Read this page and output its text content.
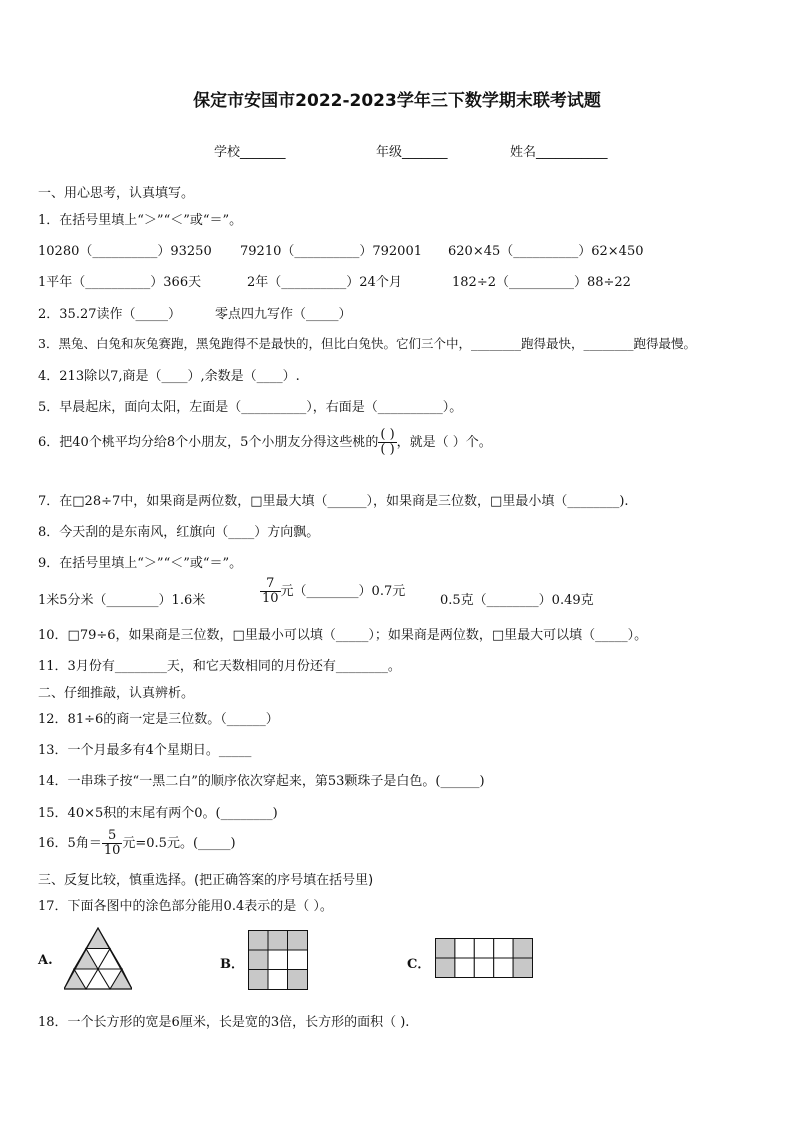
保定市安国市2022-2023学年三下数学期末联考试题
学校_______	年级_______	姓名___________
一、用心思考，认真填写。
1．在括号里填上“＞”“＜”或“＝”。
10280（__________）93250 79210（__________）792001 620×45（__________）62×450
1平年（__________）366天	2年（__________）24个月	182÷2（__________）88÷22
2．35.27读作（_____）	零点四九写作（_____）
3．黑兔、白兔和灰兔赛跑，黑兔跑得不是最快的，但比白兔快。它们三个中，________跑得最快，________跑得最慢。
4．213除以7,商是（____）,余数是（____）.
5．早晨起床，面向太阳，左面是（__________），右面是（__________）。
6．把40个桃平均分给8个小朋友，5个小朋友分得这些桃的 $\frac{( )}{( )}$ ，就是（ ）个。
7．在□28÷7中，如果商是两位数，□里最大填（______），如果商是三位数，□里最小填（________).
8．今天刮的是东南风，红旗向（____）方向飘。
9．在括号里填上“＞”“＜”或“＝”。
1米5分米（________）1.6米	$\frac{7}{10}$ 元（________）0.7元
0.5克（________）0.49克
10．□79÷6，如果商是三位数，□里最小可以填（_____）；如果商是两位数，□里最大可以填（_____）。
11．3月份有________天，和它天数相同的月份还有________。
二、仔细推敲，认真辨析。
12．81÷6的商一定是三位数。（______）
13．一个月最多有4个星期日。_____
14．一串珠子按“一黑二白”的顺序依次穿起来，第53颗珠子是白色。(______)
15．40×5积的末尾有两个0。(________)
16．5角＝ $\frac{5}{10}$ 元=0.5元。(_____)
三、反复比较，慎重选择。(把正确答案的序号填在括号里)
17．下面各图中的涂色部分能用0.4表示的是（ ）。
A.	B．	C．
18．一个长方形的宽是6厘米，长是宽的3倍，长方形的面积（ ).
